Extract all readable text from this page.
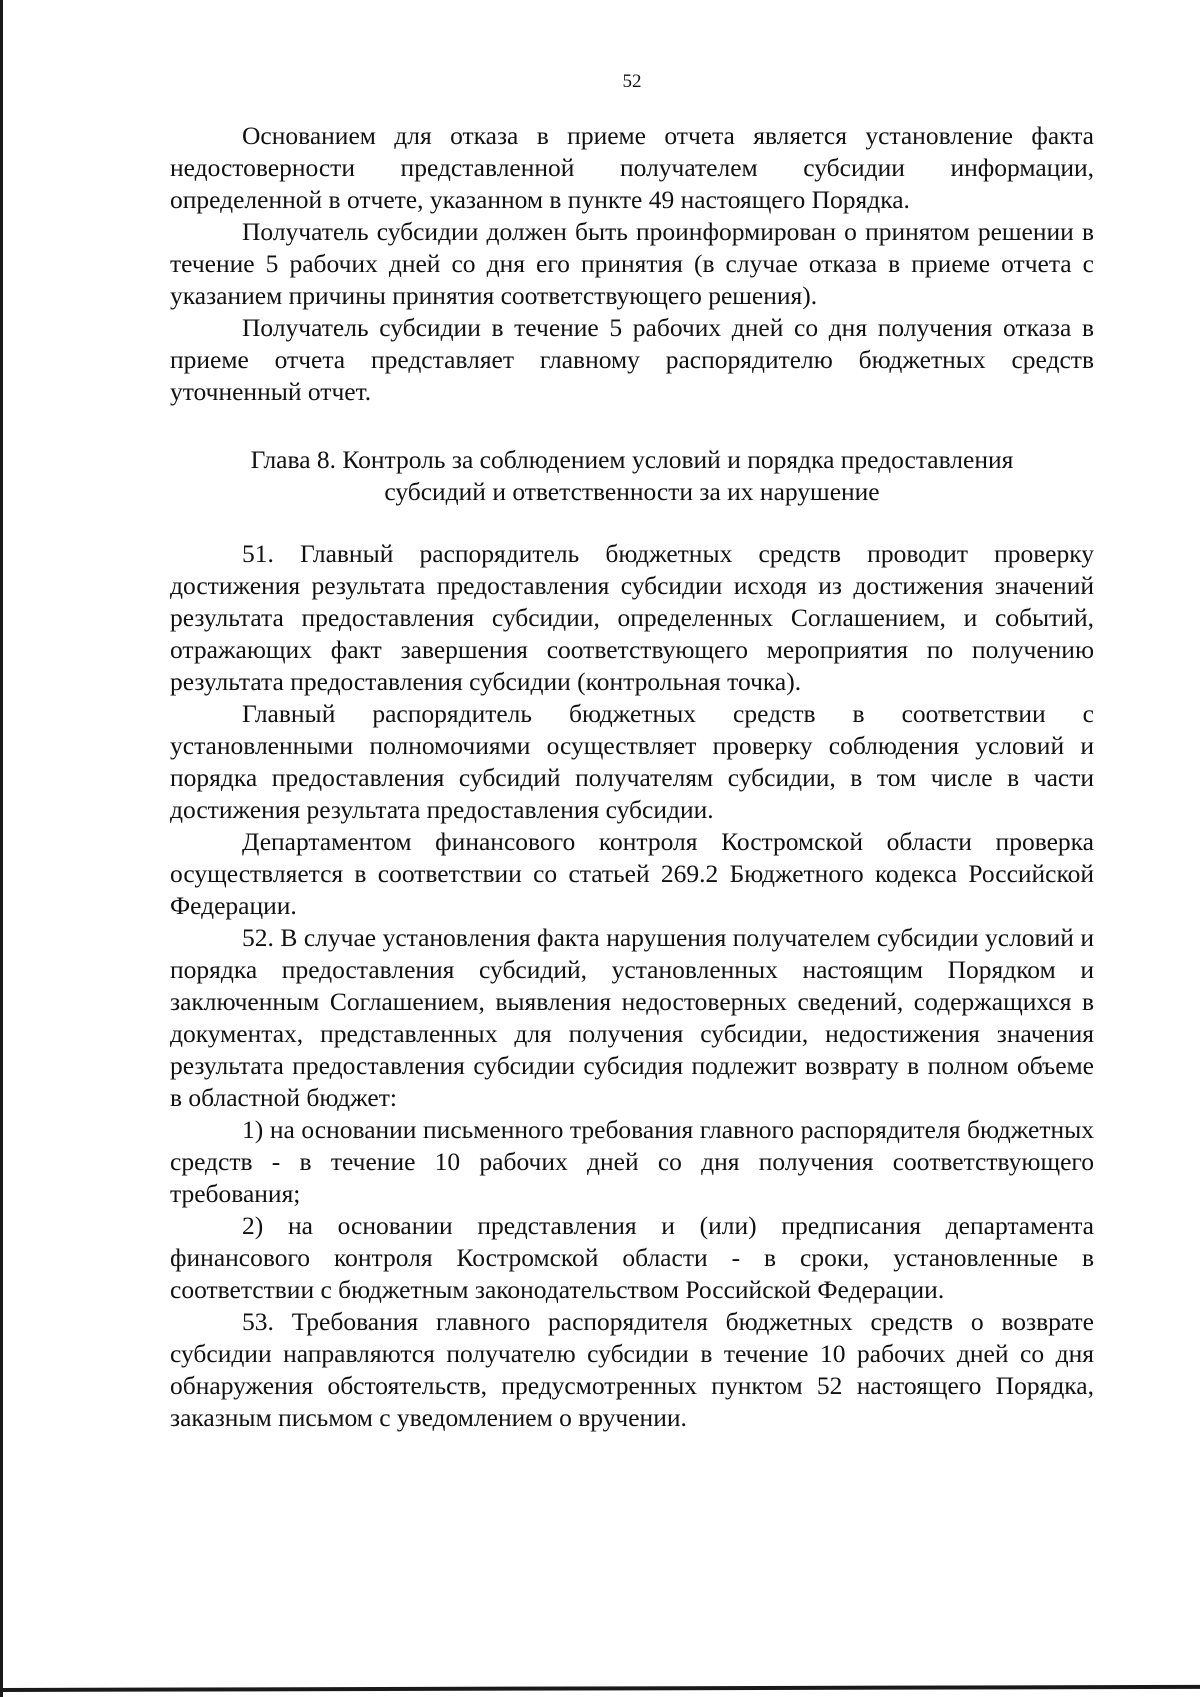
52

Основанием для отказа в приеме отчета является установление факта недостоверности представленной получателем субсидии информации, определенной в отчете, указанном в пункте 49 настоящего Порядка.

Получатель субсидии должен быть проинформирован о принятом решении в течение 5 рабочих дней со дня его принятия (в случае отказа в приеме отчета с указанием причины принятия соответствующего решения).

Получатель субсидии в течение 5 рабочих дней со дня получения отказа в приеме отчета представляет главному распорядителю бюджетных средств уточненный отчет.

Глава 8. Контроль за соблюдением условий и порядка предоставления
субсидий и ответственности за их нарушение

51. Главный распорядитель бюджетных средств проводит проверку достижения результата предоставления субсидии исходя из достижения значений результата предоставления субсидии, определенных Соглашением, и событий, отражающих факт завершения соответствующего мероприятия по получению результата предоставления субсидии (контрольная точка).

Главный распорядитель бюджетных средств в соответствии с установленными полномочиями осуществляет проверку соблюдения условий и порядка предоставления субсидий получателям субсидии, в том числе в части достижения результата предоставления субсидии.

Департаментом финансового контроля Костромской области проверка осуществляется в соответствии со статьей 269.2 Бюджетного кодекса Российской Федерации.

52. В случае установления факта нарушения получателем субсидии условий и порядка предоставления субсидий, установленных настоящим Порядком и заключенным Соглашением, выявления недостоверных сведений, содержащихся в документах, представленных для получения субсидии, недостижения значения результата предоставления субсидии субсидия подлежит возврату в полном объеме в областной бюджет:

1) на основании письменного требования главного распорядителя бюджетных средств - в течение 10 рабочих дней со дня получения соответствующего требования;

2) на основании представления и (или) предписания департамента финансового контроля Костромской области - в сроки, установленные в соответствии с бюджетным законодательством Российской Федерации.

53. Требования главного распорядителя бюджетных средств о возврате субсидии направляются получателю субсидии в течение 10 рабочих дней со дня обнаружения обстоятельств, предусмотренных пунктом 52 настоящего Порядка, заказным письмом с уведомлением о вручении.
